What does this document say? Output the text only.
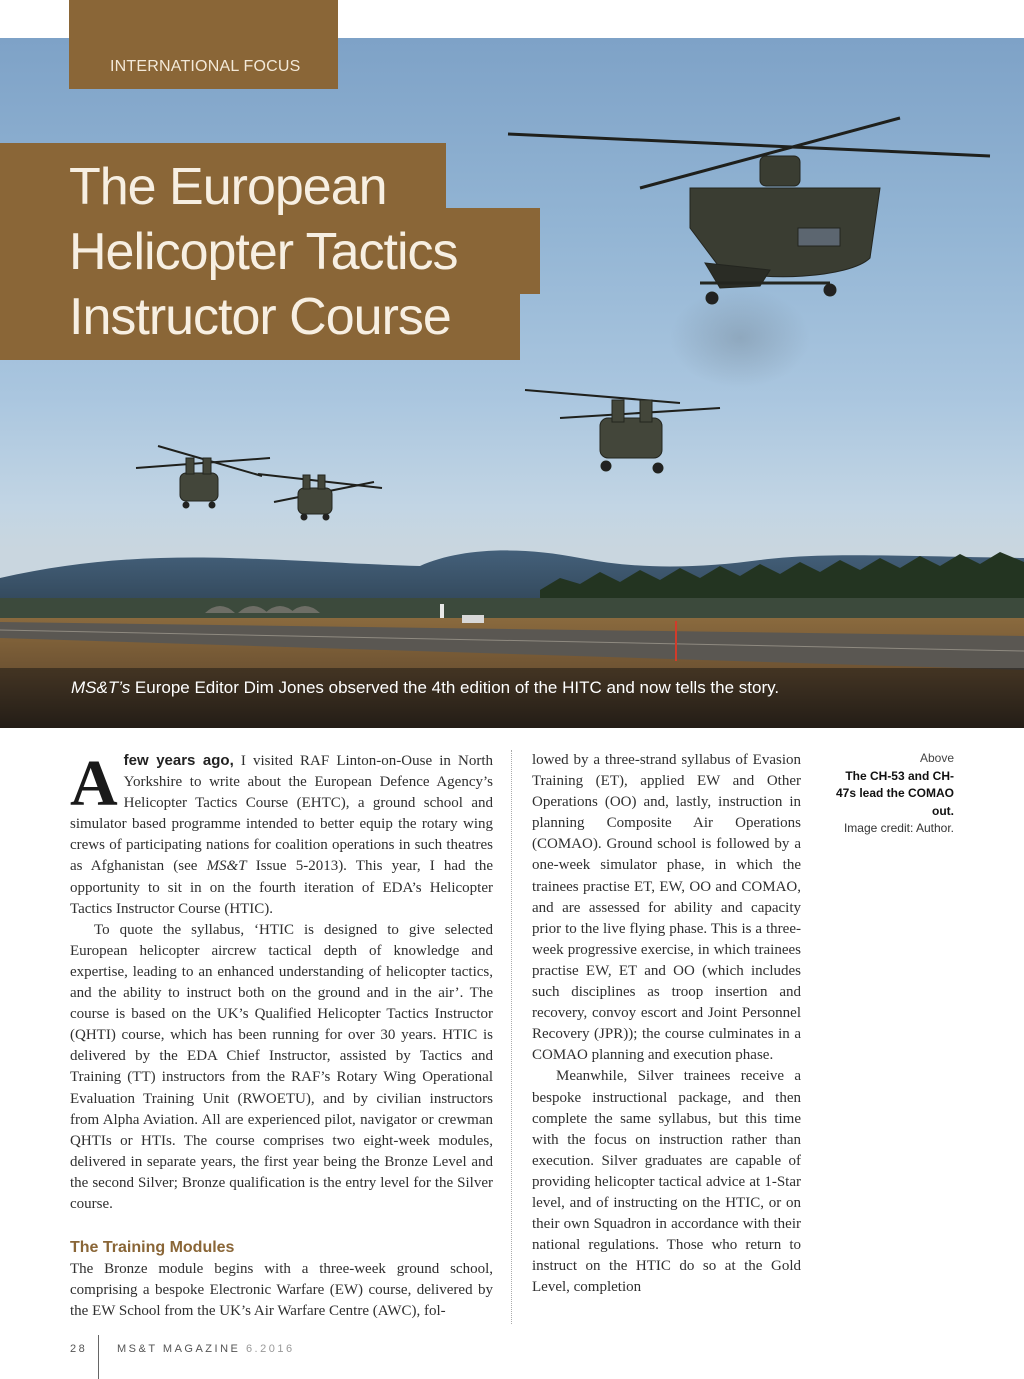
INTERNATIONAL FOCUS
The European
Helicopter Tactics
Instructor Course
MS&T’s Europe Editor Dim Jones observed the 4th edition of the HITC and now tells the story.

A few years ago, I visited RAF Linton-on-Ouse in North Yorkshire to write about the European Defence Agency’s Helicopter Tactics Course (EHTC), a ground school and simulator based programme intended to better equip the rotary wing crews of participating nations for coalition operations in such theatres as Afghanistan (see MS&T Issue 5-2013). This year, I had the opportunity to sit in on the fourth iteration of EDA’s Helicopter Tactics Instructor Course (HTIC).

To quote the syllabus, ‘HTIC is designed to give selected European helicopter aircrew tactical depth of knowledge and expertise, leading to an enhanced understanding of helicopter tactics, and the ability to instruct both on the ground and in the air’. The course is based on the UK’s Qualified Helicopter Tactics Instructor (QHTI) course, which has been running for over 30 years. HTIC is delivered by the EDA Chief Instructor, assisted by Tactics and Training (TT) instructors from the RAF’s Rotary Wing Operational Evaluation Training Unit (RWOETU), and by civilian instructors from Alpha Aviation. All are experienced pilot, navigator or crewman QHTIs or HTIs. The course comprises two eight-week modules, delivered in separate years, the first year being the Bronze Level and the second Silver; Bronze qualification is the entry level for the Silver course.

The Training Modules

The Bronze module begins with a three-week ground school, comprising a bespoke Electronic Warfare (EW) course, delivered by the EW School from the UK’s Air Warfare Centre (AWC), fol-

lowed by a three-strand syllabus of Evasion Training (ET), applied EW and Other Operations (OO) and, lastly, instruction in planning Composite Air Operations (COMAO). Ground school is followed by a one-week simulator phase, in which the trainees practise ET, EW, OO and COMAO, and are assessed for ability and capacity prior to the live flying phase. This is a three-week progressive exercise, in which trainees practise EW, ET and OO (which includes such disciplines as troop insertion and recovery, convoy escort and Joint Personnel Recovery (JPR)); the course culminates in a COMAO planning and execution phase.

Meanwhile, Silver trainees receive a bespoke instructional package, and then complete the same syllabus, but this time with the focus on instruction rather than execution. Silver graduates are capable of providing helicopter tactical advice at 1-Star level, and of instructing on the HTIC, or on their own Squadron in accordance with their national regulations. Those who return to instruct on the HTIC do so at the Gold Level, completion

Above
The CH-53 and CH-47s lead the COMAO out.
Image credit: Author.
28	MS&T MAGAZINE 6.2016
